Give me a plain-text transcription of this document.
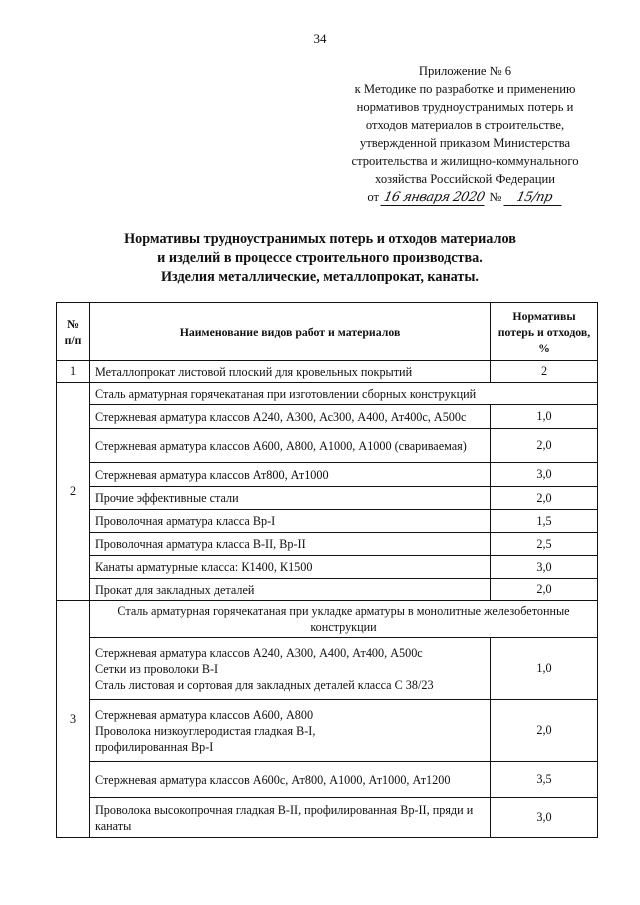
34
Приложение № 6
к Методике по разработке и применению
нормативов трудноустранимых потерь и
отходов материалов в строительстве,
утвержденной приказом Министерства
строительства и жилищно-коммунального
хозяйства Российской Федерации
от 16 января 2020 № 15/пр
Нормативы трудноустранимых потерь и отходов материалов
и изделий в процессе строительного производства.
Изделия металлические, металлопрокат, канаты.
№
п/п	Наименование видов работ и материалов	Нормативы потерь и отходов, %
1	Металлопрокат листовой плоский для кровельных покрытий	2
2	Сталь арматурная горячекатаная при изготовлении сборных конструкций	
	Стержневая арматура классов А240, А300, Ас300, А400, Ат400с, А500с	1,0
	Стержневая арматура классов А600, А800, А1000, А1000 (свариваемая)	2,0
	Стержневая арматура классов Ат800, Ат1000	3,0
	Прочие эффективные стали	2,0
	Проволочная арматура класса Вр-I	1,5
	Проволочная арматура класса В-II, Вр-II	2,5
	Канаты арматурные класса: К1400, К1500	3,0
	Прокат для закладных деталей	2,0
3	Сталь арматурная горячекатаная при укладке арматуры в монолитные железобетонные конструкции	

	Стержневая арматура классов А240, А300, А400, Ат400, А500с
Сетки из проволоки В-I
Сталь листовая и сортовая для закладных деталей класса С 38/23	1,0

	Стержневая арматура классов А600, А800
Проволока низкоуглеродистая гладкая В-I,
профилированная Вр-I	2,0

	Стержневая арматура классов А600с, Ат800, А1000, Ат1000, Ат1200	3,5

	Проволока высокопрочная гладкая В-II, профилированная Вр-II, пряди и канаты	3,0
